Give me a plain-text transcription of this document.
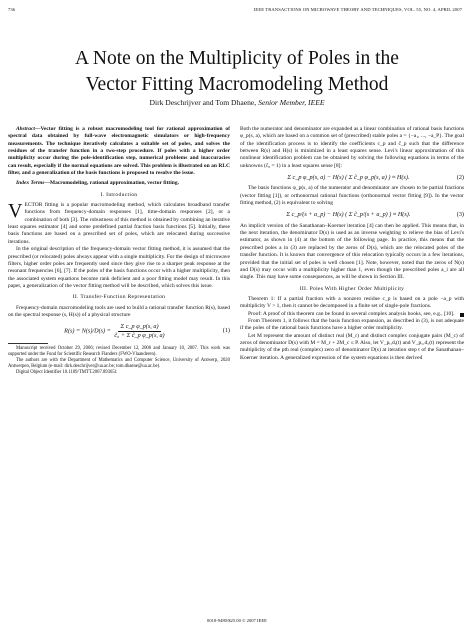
736	IEEE TRANSACTIONS ON MICROWAVE THEORY AND TECHNIQUES, VOL. 55, NO. 4, APRIL 2007
A Note on the Multiplicity of Poles in the
Vector Fitting Macromodeling Method
Dirk Deschrijver and Tom Dhaene, Senior Member, IEEE

Abstract—Vector fitting is a robust macromodeling tool for rational approximation of spectral data obtained by full-wave electromagnetic simulators or high-frequency measurements. The technique iteratively calculates a suitable set of poles, and solves the residues of the transfer function in a two-step procedure. If poles with a higher order multiplicity occur during the pole-identification step, numerical problems and inaccuracies can result, especially if the normal equations are solved. This problem is illustrated on an RLC filter, and a generalization of the basis functions is proposed to resolve the issue.

Index Terms—Macromodeling, rational approximation, vector fitting.

I. Introduction

VECTOR fitting is a popular macromodeling method, which calculates broadband transfer functions from frequency-domain responses [1], time-domain responses [2], or a combination of both [3]. The robustness of this method is obtained by combining an iterative least squares estimator [4] and some predefined partial fraction basis functions [5]. Initially, these basis functions are based on a prescribed set of poles, which are relocated during successive iterations.

In the original description of the frequency-domain vector fitting method, it is assumed that the prescribed (or relocated) poles always appear with a single multiplicity. For the design of microwave filters, higher order poles are frequently used since they give rise to a sharper peak response at the resonant frequencies [6], [7]. If the poles of the basis functions occur with a higher multiplicity, then the associated system equations become rank deficient and a poor fitting model may result. In this paper, a generalization of the vector fitting method will be described, which solves this issue.

II. Transfer-Function Representation

Frequency-domain macromodeling tools are used to build a rational transfer function R(s), based on the spectral response (s, H(s)) of a physical structure

$R(s) = N(s)/D(s) = \frac{\text{Σ c\_p φ\_p(s, a)}}{\text{c̃₀ + Σ c̃\_p φ\_p(s, a)}}$	(1)

Manuscript received October 29, 2006; revised December 12, 2006 and January 10, 2007. This work was supported under the Fund for Scientific Research Flanders (FWO-Vlaanderen).

The authors are with the Department of Mathematics and Computer Science, University of Antwerp, 2020 Antwerpen, Belgium (e-mail: dirk.deschrijver@ua.ac.be; tom.dhaene@ua.ac.be).

Digital Object Identifier 10.1109/TMTT.2007.893651

Both the numerator and denominator are expanded as a linear combination of rational basis functions φ_p(s, a), which are based on a common set of (prescribed) stable poles a = {−a₁, ..., −a_P}. The goal of the identification process is to identify the coefficients c_p and c̃_p such that the difference between R(s) and H(s) is minimized in a least squares sense. Levi's linear approximation of this nonlinear identification problem can be obtained by solving the following equations in terms of the unknowns (c̃₀ = 1) in a least squares sense [8]:

Σ c_p φ_p(s, a) − H(s) ( Σ c̃_p φ_p(s, a) ) ≈ H(s).	(2)

The basis functions φ_p(s, a) of the numerator and denominator are chosen to be partial fractions (vector fitting [1]), or orthonormal rational functions (orthonormal vector fitting [9]). In the vector fitting method, (2) is equivalent to solving

Σ c_p/(s + a_p) − H(s) ( Σ c̃_p/(s + a_p) ) ≈ H(s).	(3)

An implicit version of the Sanathanan–Koerner iteration [4] can then be applied. This means that, in the next iteration, the denominator D(s) is used as an inverse weighting to relieve the bias of Levi's estimator, as shown in (4) at the bottom of the following page. In practice, this means that the prescribed poles a in (3) are replaced by the zeros of D(s), which are the relocated poles of the transfer function. It is known that convergence of this relocation typically occurs in a few iterations, provided that the initial set of poles is well chosen [1]. Note, however, noted that the zeros of N(s) and D(s) may occur with a multiplicity higher than 1, even though the prescribed poles a_i are all single. This may have some consequences, as will be shown in Section III.

III. Poles With Higher Order Multiplicity

Theorem 1: If a partial fraction with a nonzero residue c_p is based on a pole −a_p with multiplicity V > 1, then it cannot be decomposed in a finite set of single-pole fractions.

Proof: A proof of this theorem can be found in several complex analysis books, see, e.g., [10].

From Theorem 1, it follows that the basis function expansion, as described in (3), is not adequate if the poles of the rational basis functions have a higher order multiplicity.

Let M represent the amount of distinct real (M_r) and distinct complex conjugate pairs (M_c) of zeros of denominator D(s) with M = M_r + 2M_c ≤ P. Also, let V_pᵣ,dᵣ(t) and V_p꜀,d꜀(t) represent the multiplicity of the pth real (complex) zero of denominator D(s) at iteration step t of the Sanathanan–Koerner iteration. A generalized expression of the system equations is then derived

0018-9480/$25.00 © 2007 IEEE
